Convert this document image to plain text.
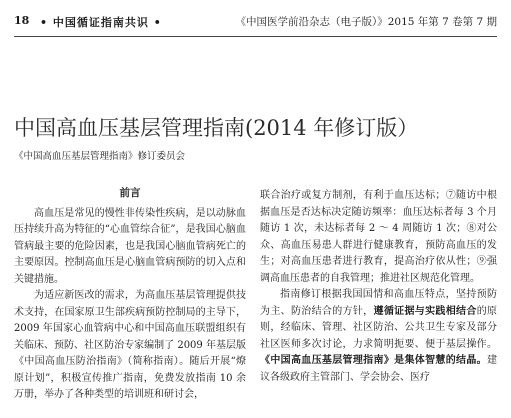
18 • 中国循证指南共识 •	《中国医学前沿杂志（电子版）》2015 年第 7 卷第 7 期
中国高血压基层管理指南(2014 年修订版）
《中国高血压基层管理指南》修订委员会
前言

高血压是常见的慢性非传染性疾病，是以动脉血压持续升高为特征的“心血管综合征”，是我国心脑血管病最主要的危险因素，也是我国心脑血管病死亡的主要原因。控制高血压是心脑血管病预防的切入点和关键措施。

为适应新医改的需求，为高血压基层管理提供技术支持，在国家原卫生部疾病预防控制局的主导下，2009 年国家心血管病中心和中国高血压联盟组织有关临床、预防、社区防治专家编制了 2009 年基层版《中国高血压防治指南》（简称指南）。随后开展“燎原计划”，积极宣传推广指南，免费发放指南 10 余万册，举办了各种类型的培训班和研讨会，

联合治疗或复方制剂，有利于血压达标；⑦随访中根据血压是否达标决定随访频率：血压达标者每 3 个月随访 1 次，未达标者每 2 ～ 4 周随访 1 次；⑧对公众、高血压易患人群进行健康教育，预防高血压的发生；对高血压患者进行教育，提高治疗依从性；⑨强调高血压患者的自我管理；推进社区规范化管理。

指南修订根据我国国情和高血压特点，坚持预防为主、防治结合的方针，遵循证据与实践相结合的原则，经临床、管理、社区防治、公共卫生专家及部分社区医师多次讨论，力求简明扼要、便于基层操作。《中国高血压基层管理指南》是集体智慧的结晶。建议各级政府主管部门、学会协会、医疗
